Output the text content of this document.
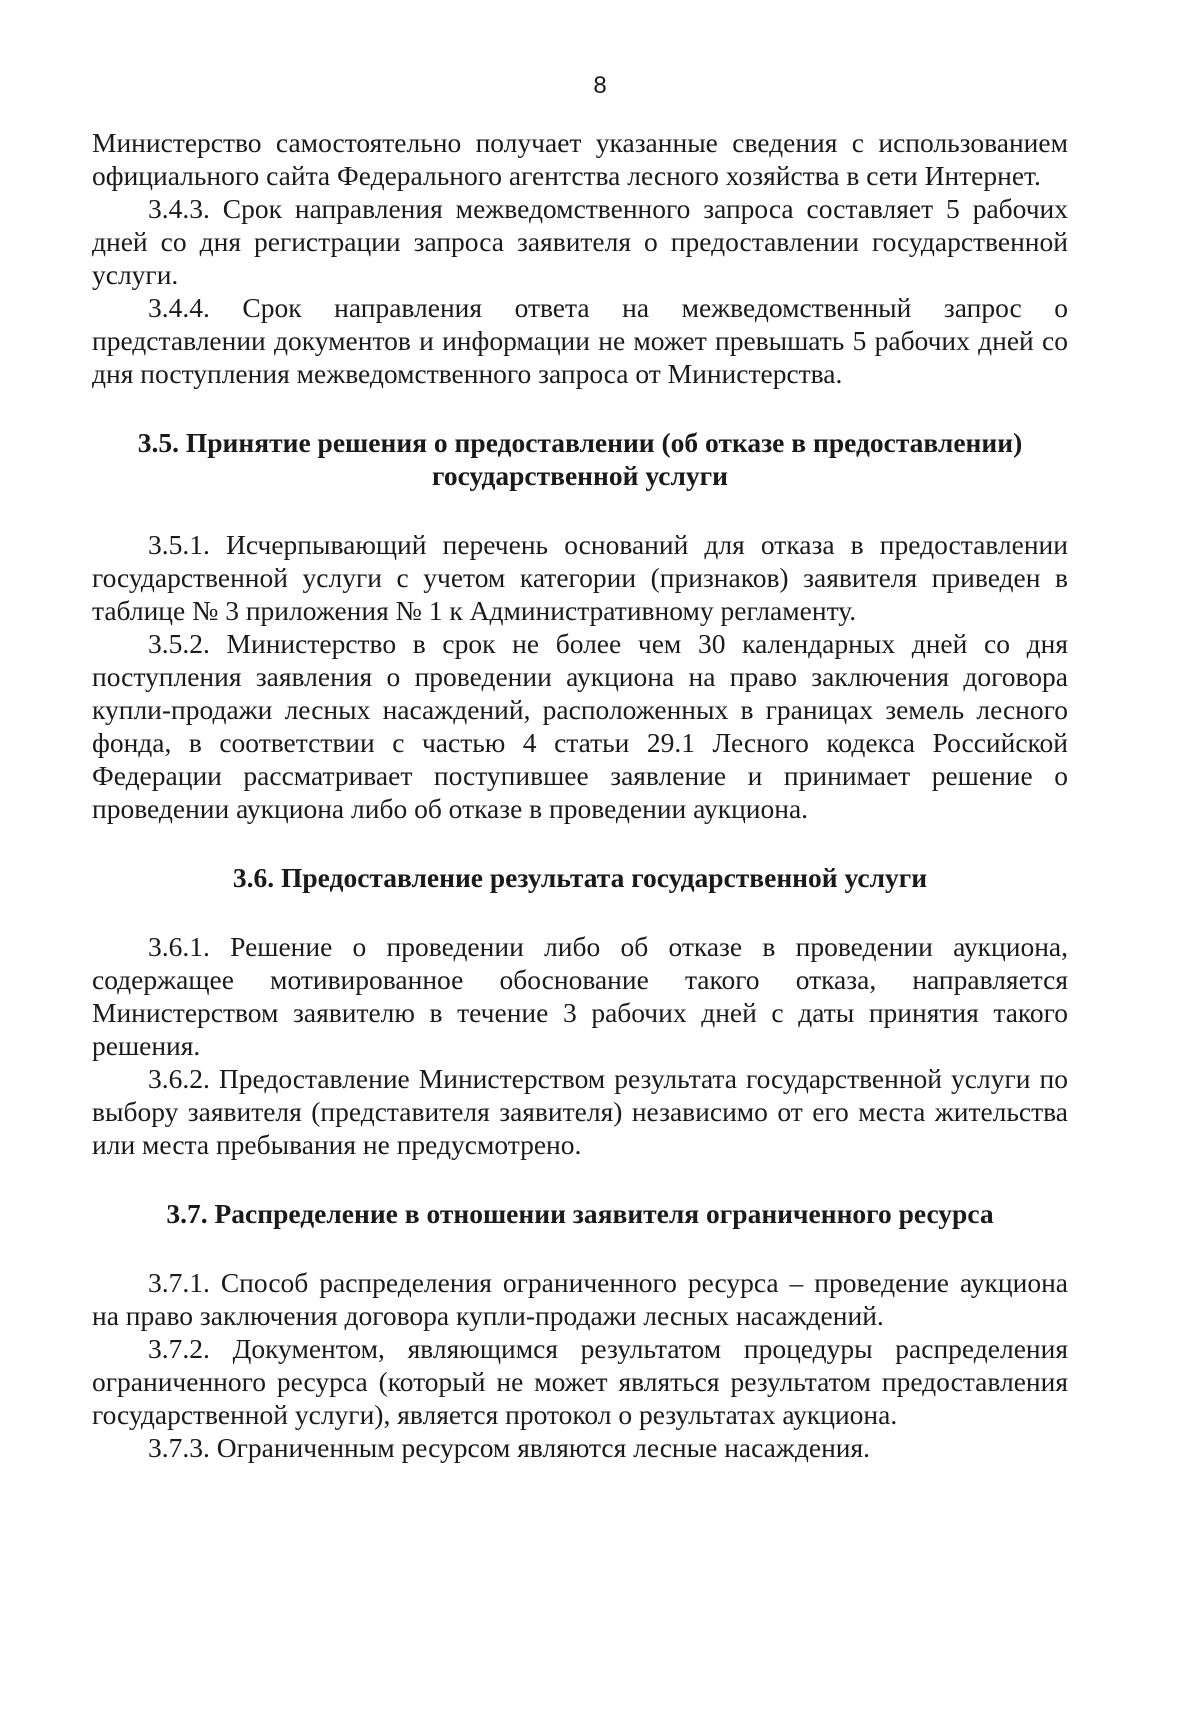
8

Министерство самостоятельно получает указанные сведения с использованием официального сайта Федерального агентства лесного хозяйства в сети Интернет.

3.4.3. Срок направления межведомственного запроса составляет 5 рабочих дней со дня регистрации запроса заявителя о предоставлении государственной услуги.

3.4.4. Срок направления ответа на межведомственный запрос о представлении документов и информации не может превышать 5 рабочих дней со дня поступления межведомственного запроса от Министерства.

3.5. Принятие решения о предоставлении (об отказе в предоставлении)
государственной услуги

3.5.1. Исчерпывающий перечень оснований для отказа в предоставлении государственной услуги с учетом категории (признаков) заявителя приведен в таблице № 3 приложения № 1 к Административному регламенту.

3.5.2. Министерство в срок не более чем 30 календарных дней со дня поступления заявления о проведении аукциона на право заключения договора купли-продажи лесных насаждений, расположенных в границах земель лесного фонда, в соответствии с частью 4 статьи 29.1 Лесного кодекса Российской Федерации рассматривает поступившее заявление и принимает решение о проведении аукциона либо об отказе в проведении аукциона.

3.6. Предоставление результата государственной услуги

3.6.1. Решение о проведении либо об отказе в проведении аукциона, содержащее мотивированное обоснование такого отказа, направляется Министерством заявителю в течение 3 рабочих дней с даты принятия такого решения.

3.6.2. Предоставление Министерством результата государственной услуги по выбору заявителя (представителя заявителя) независимо от его места жительства или места пребывания не предусмотрено.

3.7. Распределение в отношении заявителя ограниченного ресурса

3.7.1. Способ распределения ограниченного ресурса – проведение аукциона на право заключения договора купли-продажи лесных насаждений.

3.7.2. Документом, являющимся результатом процедуры распределения ограниченного ресурса (который не может являться результатом предоставления государственной услуги), является протокол о результатах аукциона.

3.7.3. Ограниченным ресурсом являются лесные насаждения.
